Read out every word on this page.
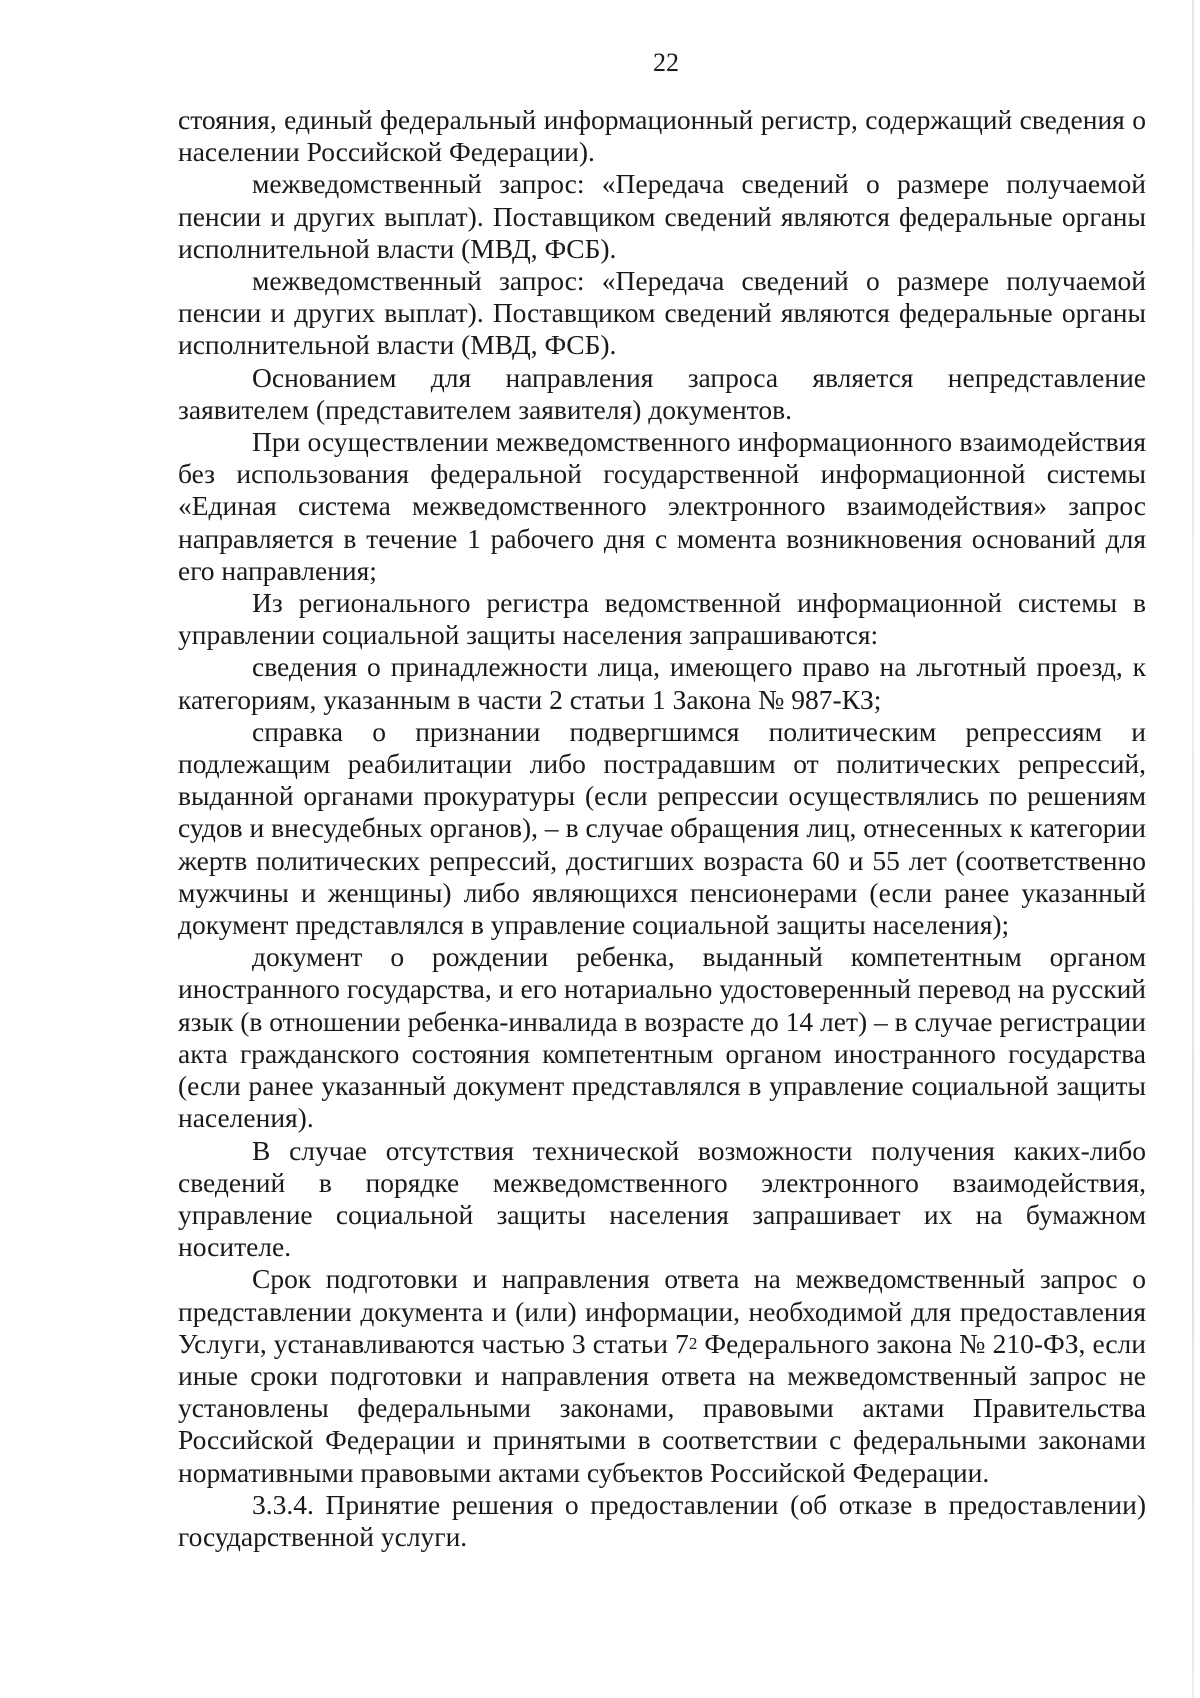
22

стояния, единый федеральный информационный регистр, содержащий сведения о населении Российской Федерации).

межведомственный запрос: «Передача сведений о размере получаемой пенсии и других выплат). Поставщиком сведений являются федеральные органы исполнительной власти (МВД, ФСБ).

межведомственный запрос: «Передача сведений о размере получаемой пенсии и других выплат). Поставщиком сведений являются федеральные органы исполнительной власти (МВД, ФСБ).

Основанием для направления запроса является непредставление заявителем (представителем заявителя) документов.

При осуществлении межведомственного информационного взаимодействия без использования федеральной государственной информационной системы «Единая система межведомственного электронного взаимодействия» запрос направляется в течение 1 рабочего дня с момента возникновения оснований для его направления;

Из регионального регистра ведомственной информационной системы в управлении социальной защиты населения запрашиваются:

сведения о принадлежности лица, имеющего право на льготный проезд, к категориям, указанным в части 2 статьи 1 Закона № 987-КЗ;

справка о признании подвергшимся политическим репрессиям и подлежащим реабилитации либо пострадавшим от политических репрессий, выданной органами прокуратуры (если репрессии осуществлялись по решениям судов и внесудебных органов), – в случае обращения лиц, отнесенных к категории жертв политических репрессий, достигших возраста 60 и 55 лет (соответственно мужчины и женщины) либо являющихся пенсионерами (если ранее указанный документ представлялся в управление социальной защиты населения);

документ о рождении ребенка, выданный компетентным органом иностранного государства, и его нотариально удостоверенный перевод на русский язык (в отношении ребенка-инвалида в возрасте до 14 лет) – в случае регистрации акта гражданского состояния компетентным органом иностранного государства (если ранее указанный документ представлялся в управление социальной защиты населения).

В случае отсутствия технической возможности получения каких-либо сведений в порядке межведомственного электронного взаимодействия, управление социальной защиты населения запрашивает их на бумажном носителе.

Срок подготовки и направления ответа на межведомственный запрос о представлении документа и (или) информации, необходимой для предоставления Услуги, устанавливаются частью 3 статьи $7^2$ Федерального закона № 210-ФЗ, если иные сроки подготовки и направления ответа на межведомственный запрос не установлены федеральными законами, правовыми актами Правительства Российской Федерации и принятыми в соответствии с федеральными законами нормативными правовыми актами субъектов Российской Федерации.

3.3.4. Принятие решения о предоставлении (об отказе в предоставлении) государственной услуги.
